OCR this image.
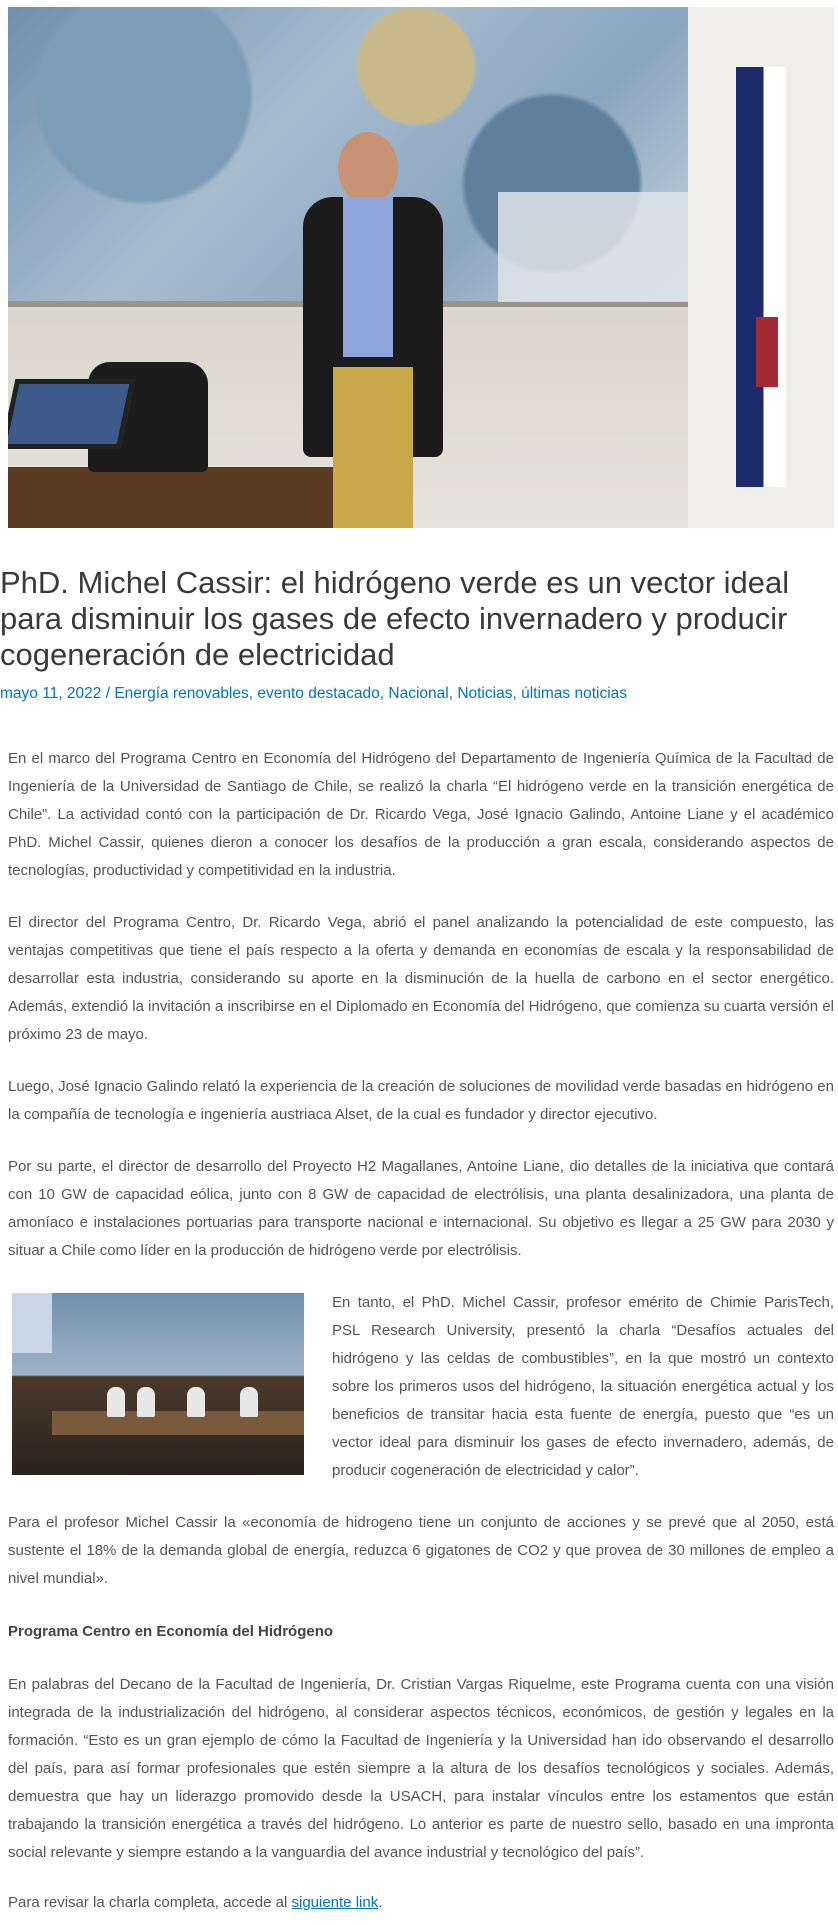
PhD. Michel Cassir: el hidrógeno verde es un vector ideal para disminuir los gases de efecto invernadero y producir cogeneración de electricidad
mayo 11, 2022 / Energía renovables, evento destacado, Nacional, Noticias, últimas noticias

En el marco del Programa Centro en Economía del Hidrógeno del Departamento de Ingeniería Química de la Facultad de Ingeniería de la Universidad de Santiago de Chile, se realizó la charla “El hidrógeno verde en la transición energética de Chile”. La actividad contó con la participación de Dr. Ricardo Vega, José Ignacio Galindo, Antoine Liane y el académico PhD. Michel Cassir, quienes dieron a conocer los desafíos de la producción a gran escala, considerando aspectos de tecnologías, productividad y competitividad en la industria.

El director del Programa Centro, Dr. Ricardo Vega, abrió el panel analizando la potencialidad de este compuesto, las ventajas competitivas que tiene el país respecto a la oferta y demanda en economías de escala y la responsabilidad de desarrollar esta industria, considerando su aporte en la disminución de la huella de carbono en el sector energético. Además, extendió la invitación a inscribirse en el Diplomado en Economía del Hidrógeno, que comienza su cuarta versión el próximo 23 de mayo.

Luego, José Ignacio Galindo relató la experiencia de la creación de soluciones de movilidad verde basadas en hidrógeno en la compañía de tecnología e ingeniería austriaca Alset, de la cual es fundador y director ejecutivo.

Por su parte, el director de desarrollo del Proyecto H2 Magallanes, Antoine Liane, dio detalles de la iniciativa que contará con 10 GW de capacidad eólica, junto con 8 GW de capacidad de electrólisis, una planta desalinizadora, una planta de amoníaco e instalaciones portuarias para transporte nacional e internacional. Su objetivo es llegar a 25 GW para 2030 y situar a Chile como líder en la producción de hidrógeno verde por electrólisis.

En tanto, el PhD. Michel Cassir, profesor emérito de Chimie ParisTech, PSL Research University, presentó la charla “Desafíos actuales del hidrógeno y las celdas de combustibles”, en la que mostró un contexto sobre los primeros usos del hidrógeno, la situación energética actual y los beneficios de transitar hacia esta fuente de energía, puesto que “es un vector ideal para disminuir los gases de efecto invernadero, además, de producir cogeneración de electricidad y calor”.

Para el profesor Michel Cassir la «economía de hidrogeno tiene un conjunto de acciones y se prevé que al 2050, está sustente el 18% de la demanda global de energía, reduzca 6 gigatones de CO2 y que provea de 30 millones de empleo a nivel mundial».

Programa Centro en Economía del Hidrógeno

En palabras del Decano de la Facultad de Ingeniería, Dr. Cristian Vargas Riquelme, este Programa cuenta con una visión integrada de la industrialización del hidrógeno, al considerar aspectos técnicos, económicos, de gestión y legales en la formación. “Esto es un gran ejemplo de cómo la Facultad de Ingeniería y la Universidad han ido observando el desarrollo del país, para así formar profesionales que estén siempre a la altura de los desafíos tecnológicos y sociales. Además, demuestra que hay un liderazgo promovido desde la USACH, para instalar vínculos entre los estamentos que están trabajando la transición energética a través del hidrógeno. Lo anterior es parte de nuestro sello, basado en una impronta social relevante y siempre estando a la vanguardia del avance industrial y tecnológico del país”.

Para revisar la charla completa, accede al siguiente link.
